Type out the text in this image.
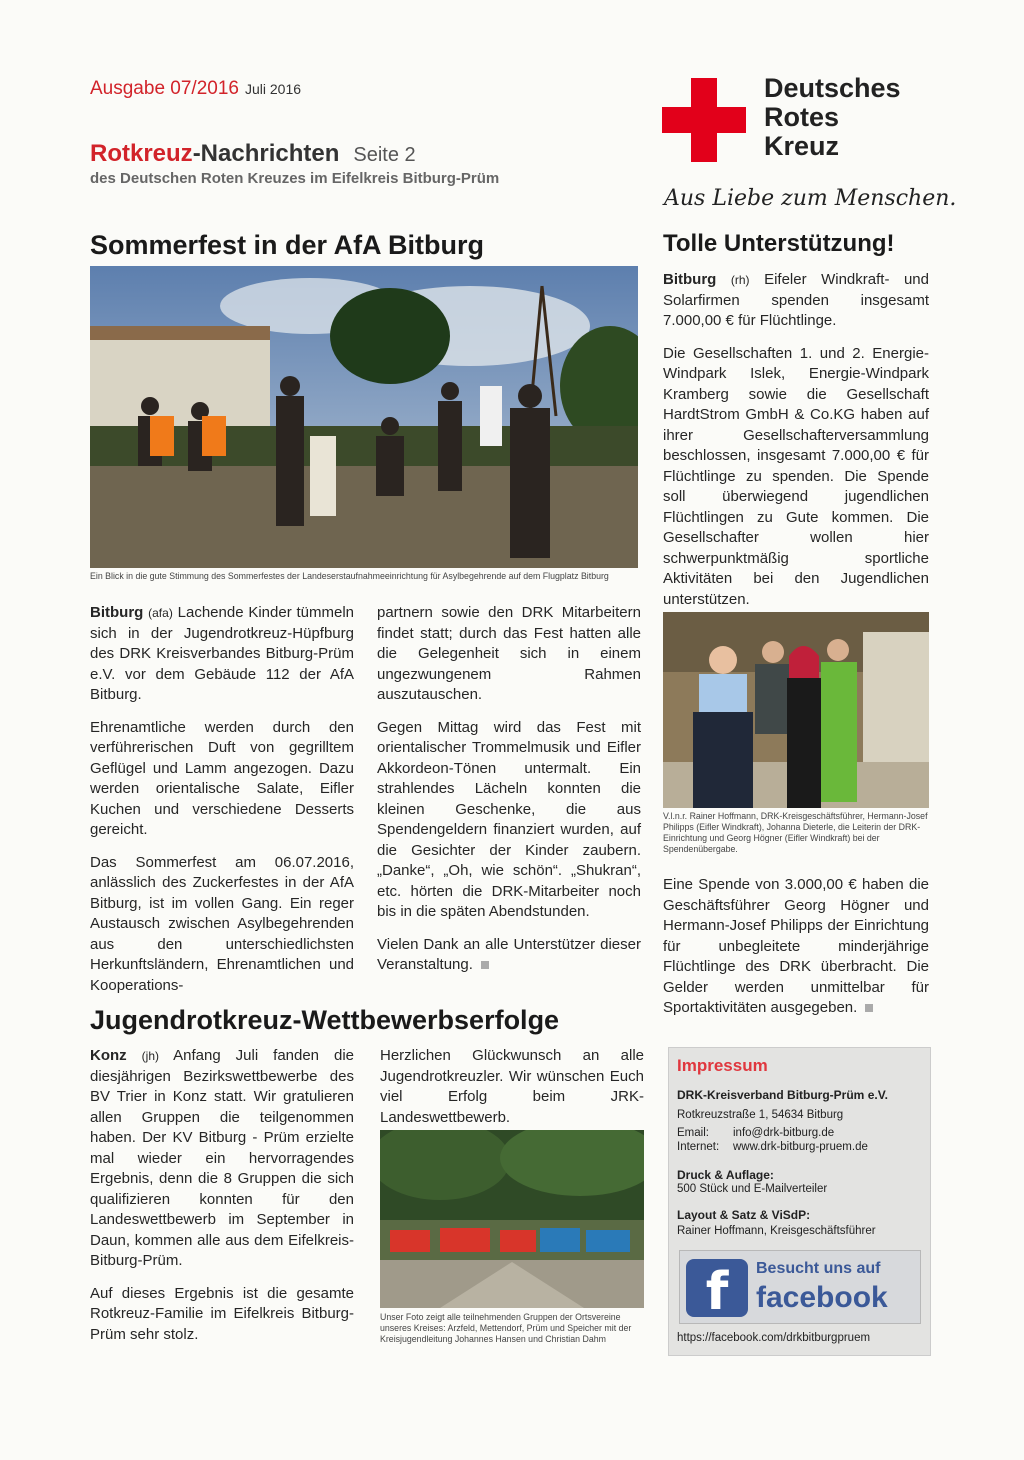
Ausgabe 07/2016 Juli 2016
Rotkreuz-Nachrichten Seite 2
des Deutschen Roten Kreuzes im Eifelkreis Bitburg-Prüm
Deutsches
Rotes
Kreuz
Aus Liebe zum Menschen.
Sommerfest in der AfA Bitburg
Ein Blick in die gute Stimmung des Sommerfestes der Landeserstaufnahmeeinrichtung für Asylbegehrende auf dem Flugplatz Bitburg

Bitburg (afa) Lachende Kinder tümmeln sich in der Jugendrotkreuz-Hüpfburg des DRK Kreisverbandes Bitburg-Prüm e.V. vor dem Gebäude 112 der AfA Bitburg.

Ehrenamtliche werden durch den verführerischen Duft von gegrilltem Geflügel und Lamm angezogen. Dazu werden orientalische Salate, Eifler Kuchen und verschiedene Desserts gereicht.

Das Sommerfest am 06.07.2016, anlässlich des Zuckerfestes in der AfA Bitburg, ist im vollen Gang. Ein reger Austausch zwischen Asylbegehrenden aus den unterschiedlichsten Herkunftsländern, Ehrenamtlichen und Kooperations-

partnern sowie den DRK Mitarbeitern findet statt; durch das Fest hatten alle die Gelegenheit sich in einem ungezwungenem Rahmen auszutauschen.

Gegen Mittag wird das Fest mit orientalischer Trommelmusik und Eifler Akkordeon-Tönen untermalt. Ein strahlendes Lächeln konnten die kleinen Geschenke, die aus Spendengeldern finanziert wurden, auf die Gesichter der Kinder zaubern. „Danke“, „Oh, wie schön“. „Shukran“, etc. hörten die DRK-Mitarbeiter noch bis in die späten Abendstunden.

Vielen Dank an alle Unterstützer dieser Veranstaltung.

Tolle Unterstützung!

Bitburg (rh) Eifeler Windkraft- und Solarfirmen spenden insgesamt 7.000,00 € für Flüchtlinge.

Die Gesellschaften 1. und 2. Energie-Windpark Islek, Energie-Windpark Kramberg sowie die Gesellschaft HardtStrom GmbH & Co.KG haben auf ihrer Gesellschafterversammlung beschlossen, insgesamt 7.000,00 € für Flüchtlinge zu spenden. Die Spende soll überwiegend jugendlichen Flüchtlingen zu Gute kommen. Die Gesellschafter wollen hier schwerpunktmäßig sportliche Aktivitäten bei den Jugendlichen unterstützen.

V.l.n.r. Rainer Hoffmann, DRK-Kreisgeschäftsführer, Hermann-Josef Philipps (Eifler Windkraft), Johanna Dieterle, die Leiterin der DRK-Einrichtung und Georg Högner (Eifler Windkraft) bei der Spendenübergabe.

Eine Spende von 3.000,00 € haben die Geschäftsführer Georg Högner und Hermann-Josef Philipps der Einrichtung für unbegleitete minderjährige Flüchtlinge des DRK überbracht. Die Gelder werden unmittelbar für Sportaktivitäten ausgegeben.

Jugendrotkreuz-Wettbewerbserfolge

Konz (jh) Anfang Juli fanden die diesjährigen Bezirkswettbewerbe des BV Trier in Konz statt. Wir gratulieren allen Gruppen die teilgenommen haben. Der KV Bitburg - Prüm erzielte mal wieder ein hervorragendes Ergebnis, denn die 8 Gruppen die sich qualifizieren konnten für den Landeswettbewerb im September in Daun, kommen alle aus dem Eifelkreis-Bitburg-Prüm.

Auf dieses Ergebnis ist die gesamte Rotkreuz-Familie im Eifelkreis Bitburg-Prüm sehr stolz.

Herzlichen Glückwunsch an alle Jugendrotkreuzler. Wir wünschen Euch viel Erfolg beim JRK-Landeswettbewerb.

Unser Foto zeigt alle teilnehmenden Gruppen der Ortsvereine unseres Kreises: Arzfeld, Mettendorf, Prüm und Speicher mit der Kreisjugendleitung Johannes Hansen und Christian Dahm
Impressum
DRK-Kreisverband Bitburg-Prüm e.V.
Rotkreuzstraße 1, 54634 Bitburg
Email: info@drk-bitburg.de
Internet: www.drk-bitburg-pruem.de
Druck & Auflage:
500 Stück und E-Mailverteiler
Layout & Satz & ViSdP:
Rainer Hoffmann, Kreisgeschäftsführer
f	Besucht uns auf
facebook
https://facebook.com/drkbitburgpruem
